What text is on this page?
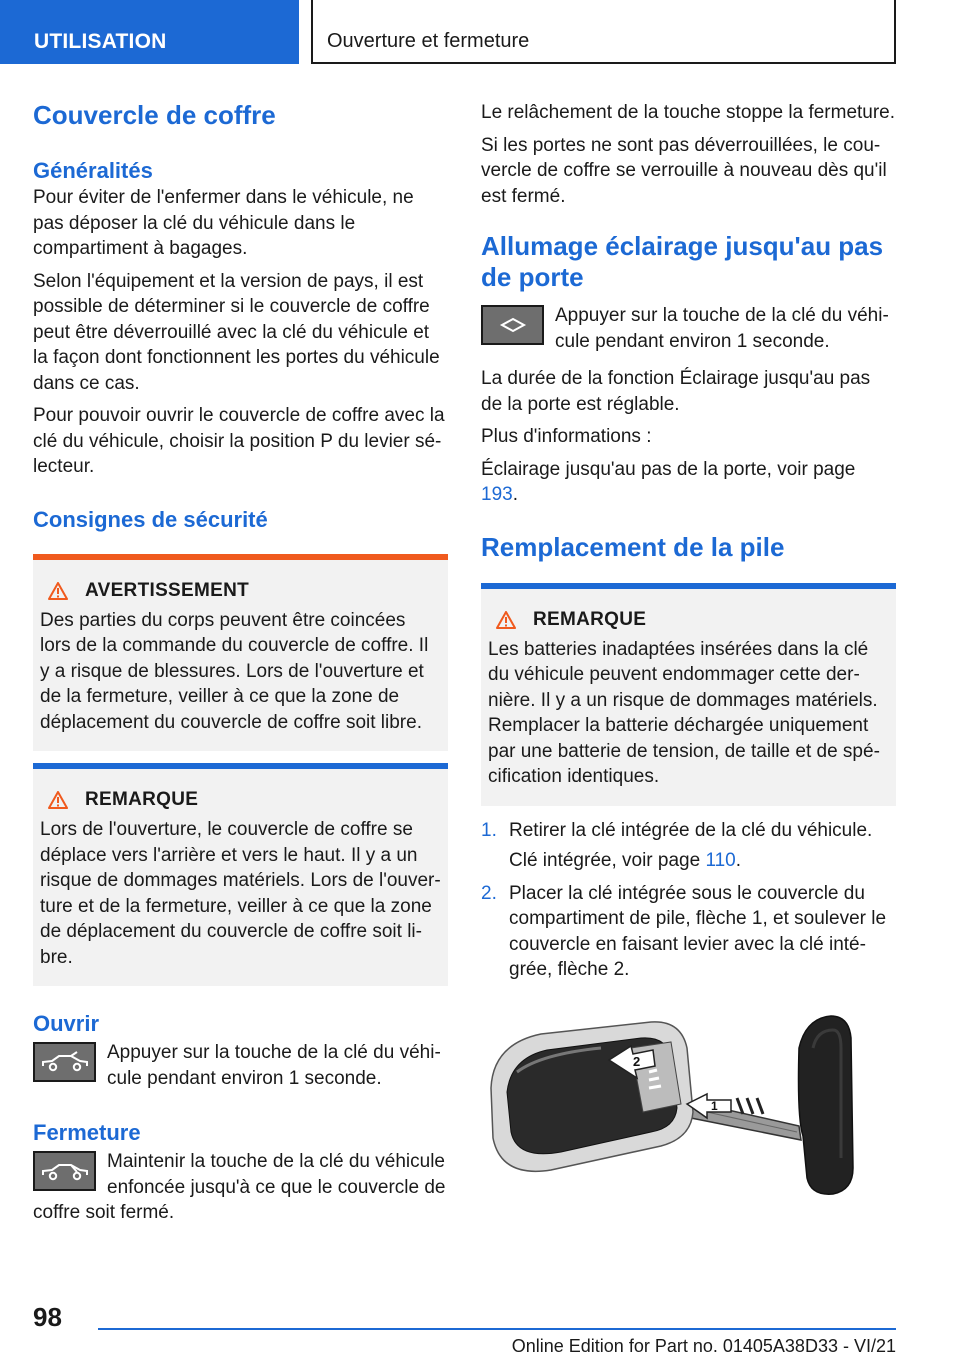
UTILISATION	Ouverture et fermeture
Couvercle de coffre
Généralités

Pour éviter de l'enfermer dans le véhicule, ne pas déposer la clé du véhicule dans le compartiment à bagages.

Selon l'équipement et la version de pays, il est possible de déterminer si le couvercle de coffre peut être déverrouillé avec la clé du véhicule et la façon dont fonctionnent les portes du véhicule dans ce cas.

Pour pouvoir ouvrir le couvercle de coffre avec la clé du véhicule, choisir la position P du levier sélecteur.

Consignes de sécurité
AVERTISSEMENT

Des parties du corps peuvent être coincées lors de la commande du couvercle de coffre. Il y a risque de blessures. Lors de l'ouverture et de la fermeture, veiller à ce que la zone de déplacement du couvercle de coffre soit libre.

REMARQUE

Lors de l'ouverture, le couvercle de coffre se déplace vers l'arrière et vers le haut. Il y a un risque de dommages matériels. Lors de l'ouverture et de la fermeture, veiller à ce que la zone de déplacement du couvercle de coffre soit libre.

Ouvrir

Appuyer sur la touche de la clé du véhicule pendant environ 1 seconde.

Fermeture

Maintenir la touche de la clé du véhicule enfoncée jusqu'à ce que le couvercle de coffre soit fermé.

Le relâchement de la touche stoppe la fermeture.

Si les portes ne sont pas déverrouillées, le couvercle de coffre se verrouille à nouveau dès qu'il est fermé.

Allumage éclairage jusqu'au pas de porte

Appuyer sur la touche de la clé du véhicule pendant environ 1 seconde.

La durée de la fonction Éclairage jusqu'au pas de la porte est réglable.

Plus d'informations :

Éclairage jusqu'au pas de la porte, voir page 193.

Remplacement de la pile
REMARQUE

Les batteries inadaptées insérées dans la clé du véhicule peuvent endommager cette dernière. Il y a un risque de dommages matériels. Remplacer la batterie déchargée uniquement par une batterie de tension, de taille et de spécification identiques.

1. Retirer la clé intégrée de la clé du véhicule.
Clé intégrée, voir page 110.
2. Placer la clé intégrée sous le couvercle du compartiment de pile, flèche 1, et soulever le couvercle en faisant levier avec la clé intégrée, flèche 2.
2
1
98
Online Edition for Part no. 01405A38D33 - VI/21
